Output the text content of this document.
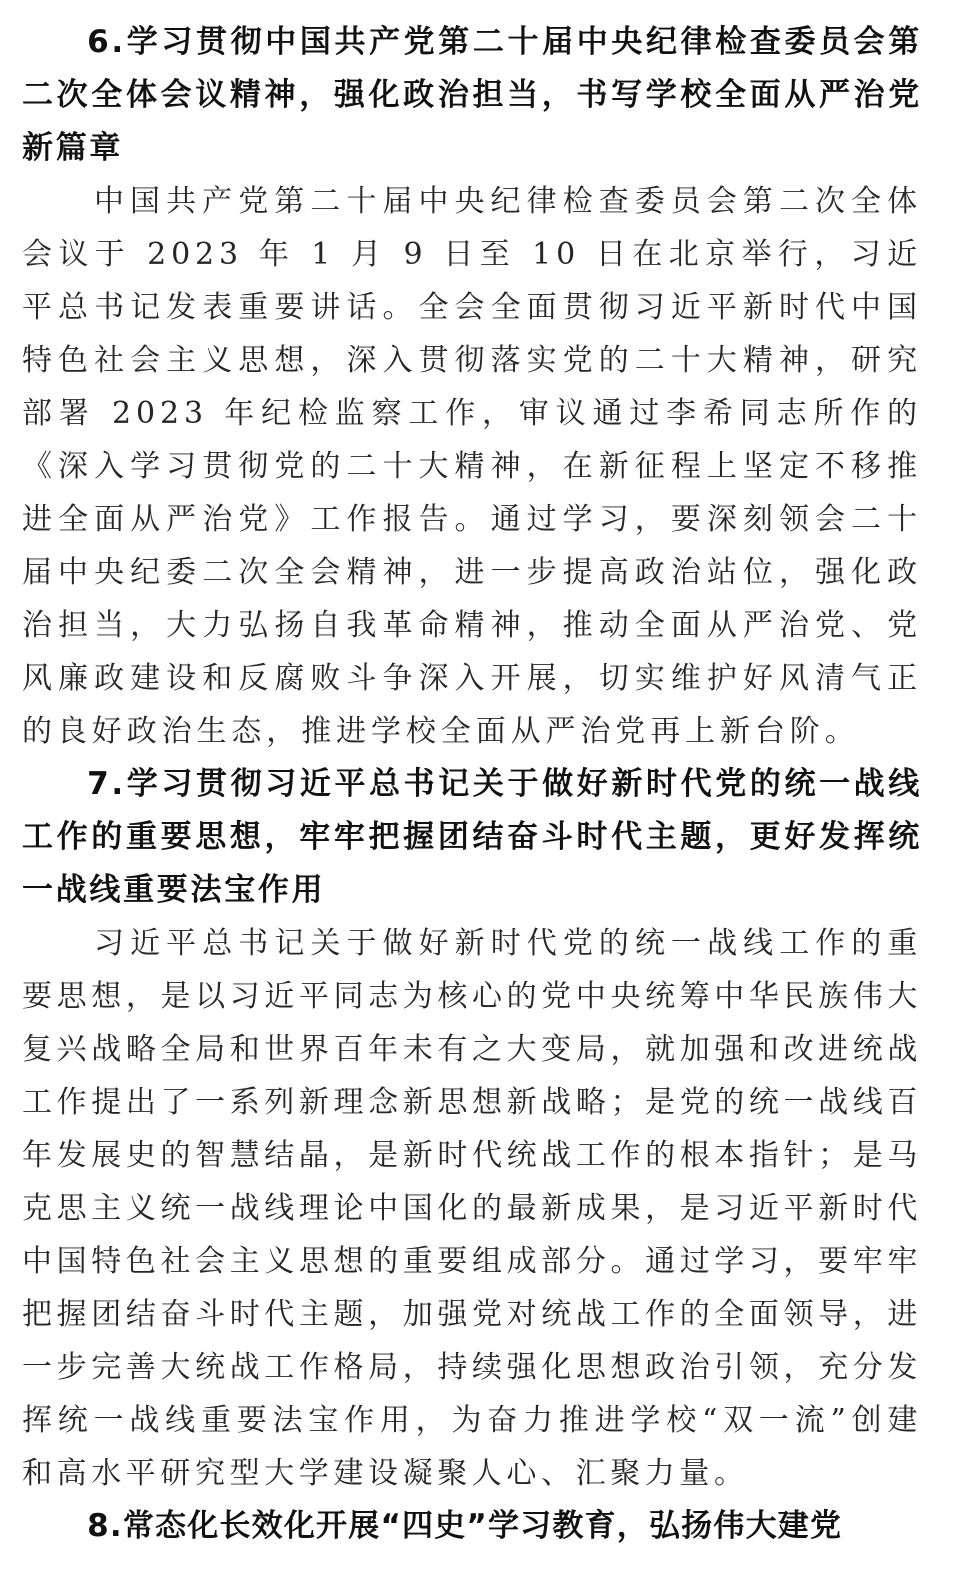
6.学习贯彻中国共产党第二十届中央纪律检查委员会第二次全体会议精神，强化政治担当，书写学校全面从严治党新篇章

中国共产党第二十届中央纪律检查委员会第二次全体会议于 2023 年 1 月 9 日至 10 日在北京举行，习近平总书记发表重要讲话。全会全面贯彻习近平新时代中国特色社会主义思想，深入贯彻落实党的二十大精神，研究部署 2023 年纪检监察工作，审议通过李希同志所作的《深入学习贯彻党的二十大精神，在新征程上坚定不移推进全面从严治党》工作报告。通过学习，要深刻领会二十届中央纪委二次全会精神，进一步提高政治站位，强化政治担当，大力弘扬自我革命精神，推动全面从严治党、党风廉政建设和反腐败斗争深入开展，切实维护好风清气正的良好政治生态，推进学校全面从严治党再上新台阶。

7.学习贯彻习近平总书记关于做好新时代党的统一战线工作的重要思想，牢牢把握团结奋斗时代主题，更好发挥统一战线重要法宝作用

习近平总书记关于做好新时代党的统一战线工作的重要思想，是以习近平同志为核心的党中央统筹中华民族伟大复兴战略全局和世界百年未有之大变局，就加强和改进统战工作提出了一系列新理念新思想新战略；是党的统一战线百年发展史的智慧结晶，是新时代统战工作的根本指针；是马克思主义统一战线理论中国化的最新成果，是习近平新时代中国特色社会主义思想的重要组成部分。通过学习，要牢牢把握团结奋斗时代主题，加强党对统战工作的全面领导，进一步完善大统战工作格局，持续强化思想政治引领，充分发挥统一战线重要法宝作用，为奋力推进学校“双一流”创建和高水平研究型大学建设凝聚人心、汇聚力量。

8.常态化长效化开展“四史”学习教育，弘扬伟大建党
